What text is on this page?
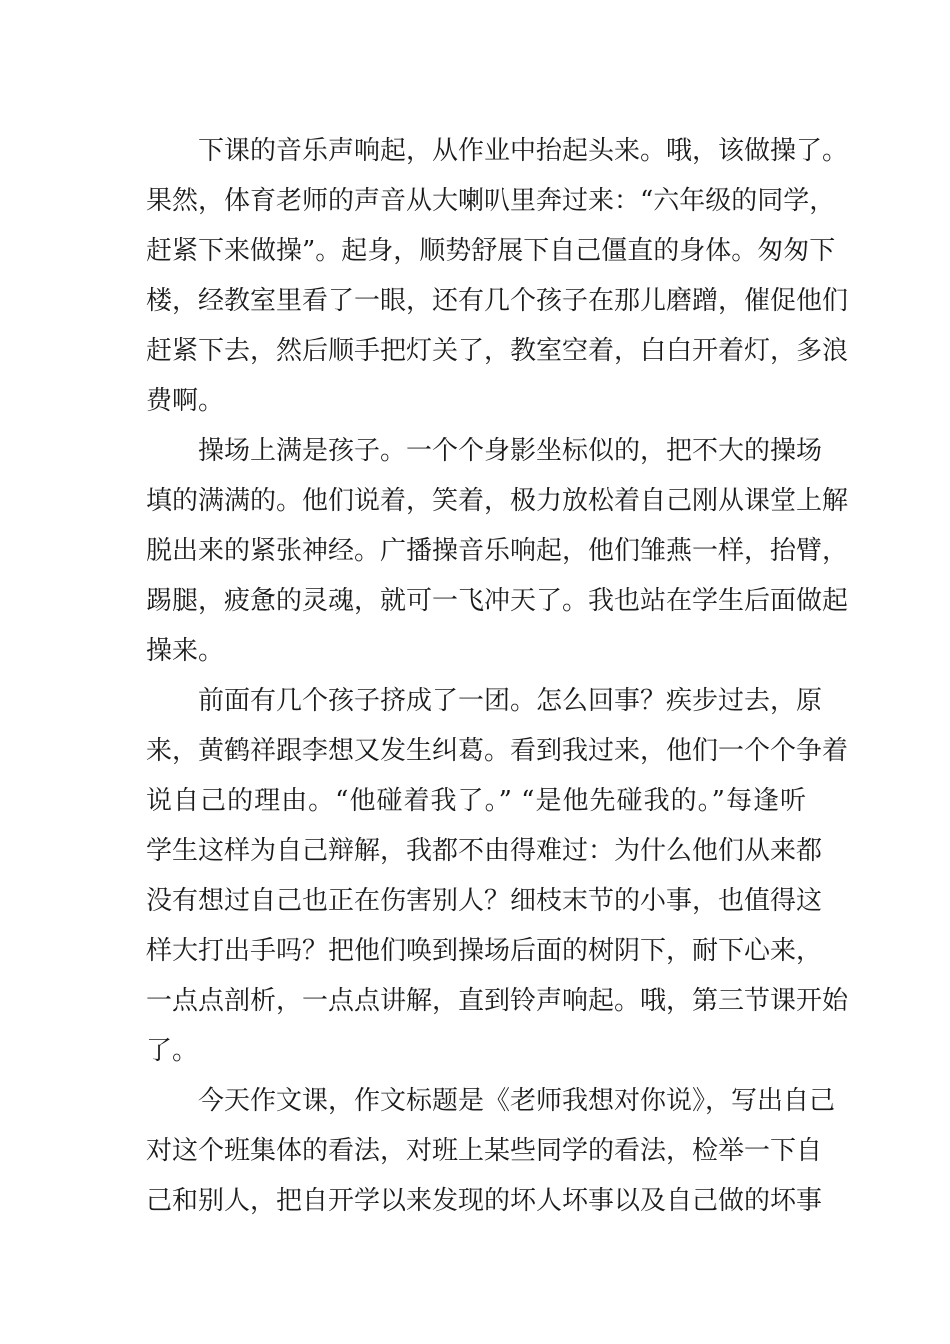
下课的音乐声响起，从作业中抬起头来。哦，该做操了。
果然，体育老师的声音从大喇叭里奔过来：“六年级的同学，
赶紧下来做操”。起身，顺势舒展下自己僵直的身体。匆匆下
楼，经教室里看了一眼，还有几个孩子在那儿磨蹭，催促他们
赶紧下去，然后顺手把灯关了，教室空着，白白开着灯，多浪
费啊。
操场上满是孩子。一个个身影坐标似的，把不大的操场
填的满满的。他们说着，笑着，极力放松着自己刚从课堂上解
脱出来的紧张神经。广播操音乐响起，他们雏燕一样，抬臂，
踢腿，疲惫的灵魂，就可一飞冲天了。我也站在学生后面做起
操来。
前面有几个孩子挤成了一团。怎么回事？疾步过去，原
来，黄鹤祥跟李想又发生纠葛。看到我过来，他们一个个争着
说自己的理由。“他碰着我了。” “是他先碰我的。”每逢听
学生这样为自己辩解，我都不由得难过：为什么他们从来都
没有想过自己也正在伤害别人？细枝末节的小事，也值得这
样大打出手吗？把他们唤到操场后面的树阴下，耐下心来，
一点点剖析，一点点讲解，直到铃声响起。哦，第三节课开始
了。
今天作文课，作文标题是《老师我想对你说》，写出自己
对这个班集体的看法，对班上某些同学的看法，检举一下自
己和别人，把自开学以来发现的坏人坏事以及自己做的坏事
